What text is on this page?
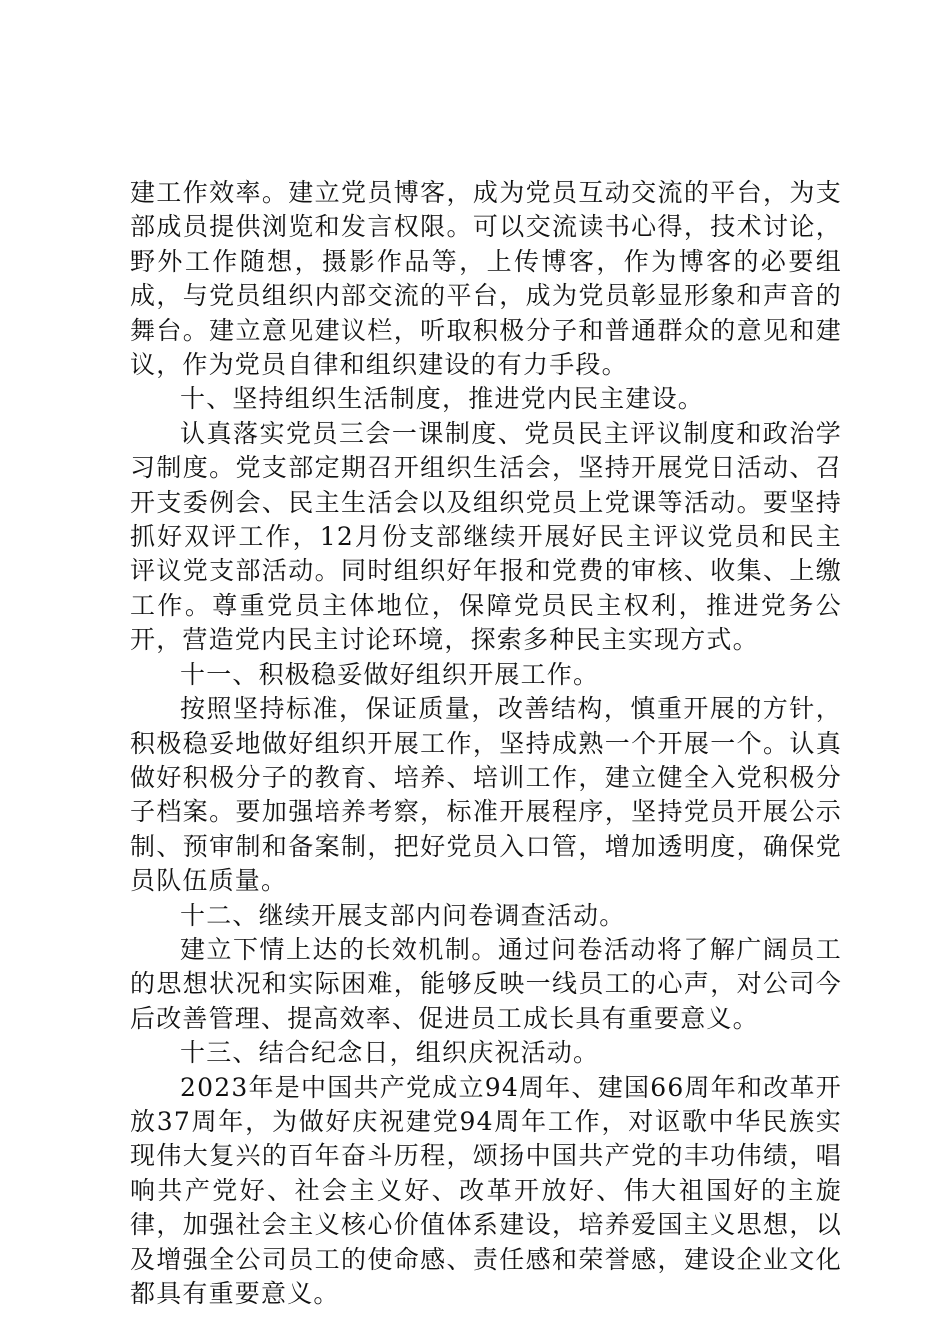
建工作效率。建立党员博客，成为党员互动交流的平台，为支部成员提供浏览和发言权限。可以交流读书心得，技术讨论，野外工作随想，摄影作品等，上传博客，作为博客的必要组成，与党员组织内部交流的平台，成为党员彰显形象和声音的舞台。建立意见建议栏，听取积极分子和普通群众的意见和建议，作为党员自律和组织建设的有力手段。

十、坚持组织生活制度，推进党内民主建设。

认真落实党员三会一课制度、党员民主评议制度和政治学习制度。党支部定期召开组织生活会，坚持开展党日活动、召开支委例会、民主生活会以及组织党员上党课等活动。要坚持抓好双评工作，12月份支部继续开展好民主评议党员和民主评议党支部活动。同时组织好年报和党费的审核、收集、上缴工作。尊重党员主体地位，保障党员民主权利，推进党务公开，营造党内民主讨论环境，探索多种民主实现方式。

十一、积极稳妥做好组织开展工作。

按照坚持标准，保证质量，改善结构，慎重开展的方针，积极稳妥地做好组织开展工作，坚持成熟一个开展一个。认真做好积极分子的教育、培养、培训工作，建立健全入党积极分子档案。要加强培养考察，标准开展程序，坚持党员开展公示制、预审制和备案制，把好党员入口管，增加透明度，确保党员队伍质量。

十二、继续开展支部内问卷调查活动。

建立下情上达的长效机制。通过问卷活动将了解广阔员工的思想状况和实际困难，能够反映一线员工的心声，对公司今后改善管理、提高效率、促进员工成长具有重要意义。

十三、结合纪念日，组织庆祝活动。

2023年是中国共产党成立94周年、建国66周年和改革开放37周年，为做好庆祝建党94周年工作，对讴歌中华民族实现伟大复兴的百年奋斗历程，颂扬中国共产党的丰功伟绩，唱响共产党好、社会主义好、改革开放好、伟大祖国好的主旋律，加强社会主义核心价值体系建设，培养爱国主义思想，以及增强全公司员工的使命感、责任感和荣誉感，建设企业文化都具有重要意义。
